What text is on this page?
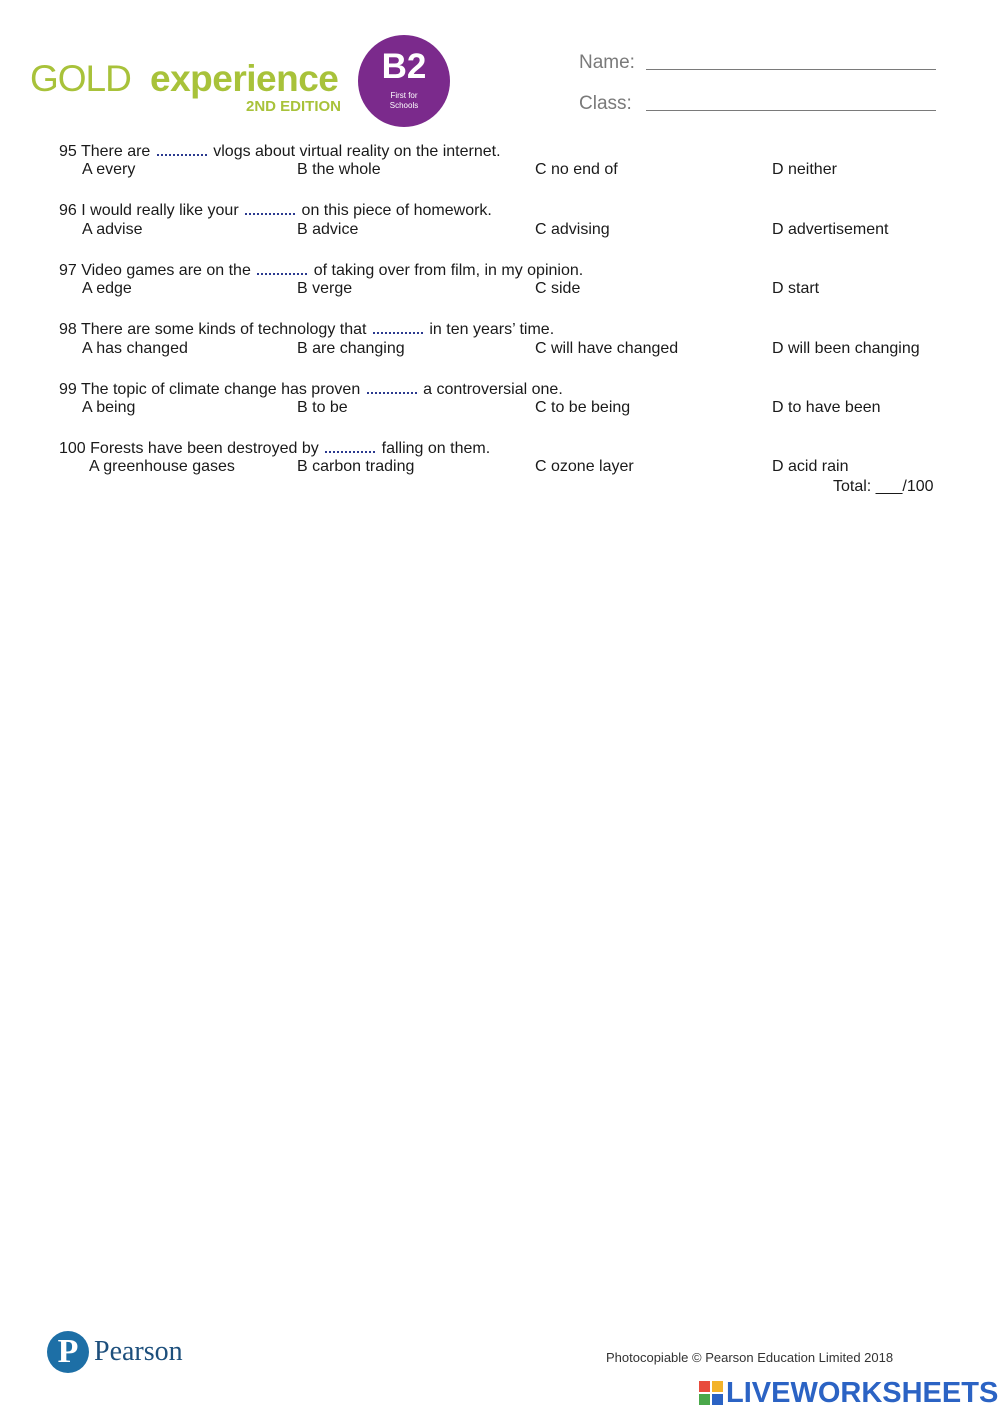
GOLD experience
2ND EDITION
B2
First for Schools
Name:
Class:
95 There are	vlogs about virtual reality on the internet.
A every	B the whole	C no end of	D neither
96 I would really like your	on this piece of homework.
A advise	B advice	C advising	D advertisement
97 Video games are on the	of taking over from film, in my opinion.
A edge	B verge	C side	D start
98 There are some kinds of technology that	in ten years’ time.
A has changed	B are changing	C will have changed	D will been changing
99 The topic of climate change has proven	a controversial one.
A being	B to be	C to be being	D to have been
100 Forests have been destroyed by	falling on them.
A greenhouse gases	B carbon trading	C ozone layer	D acid rain
Total: ___/100
P Pearson	Photocopiable © Pearson Education Limited 2018
LIVEWORKSHEETS
